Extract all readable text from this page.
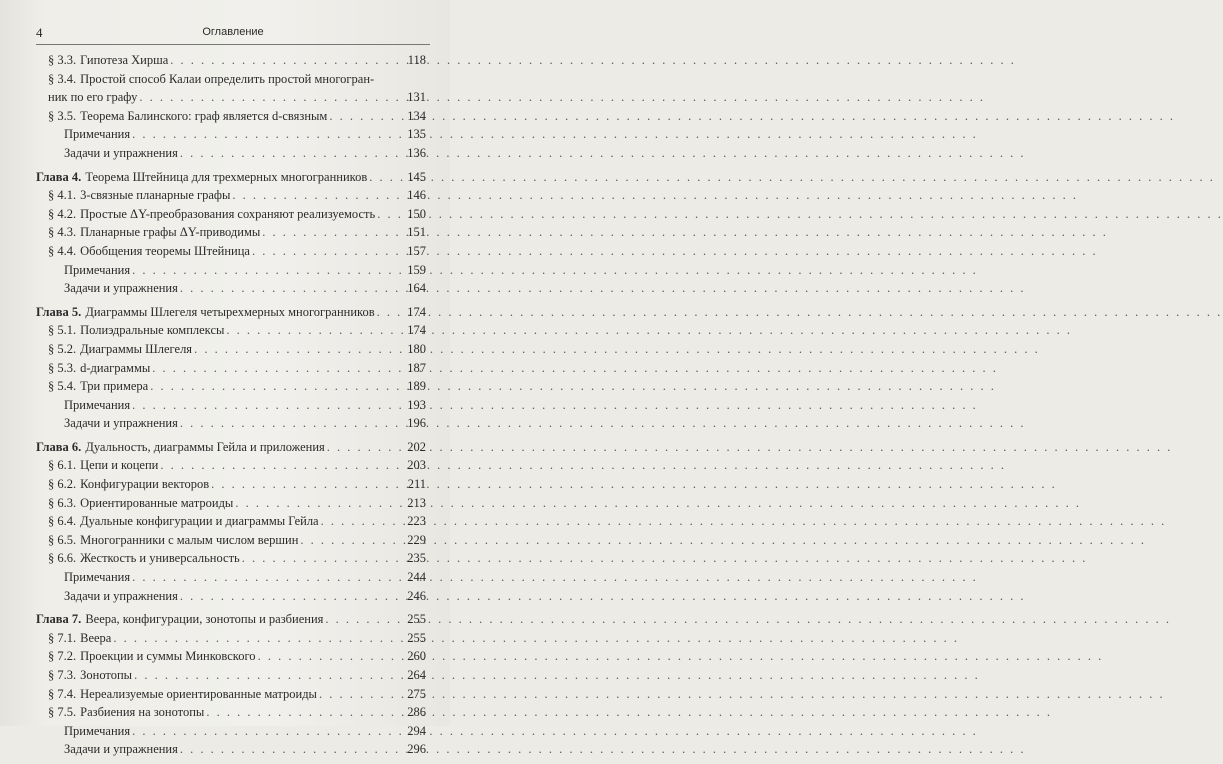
4	Оглавление
§ 3.3. Гипотеза Хирша . . .	118
§ 3.4. Простой способ Калаи определить простой многогран-
ник по его графу . . .	131
§ 3.5. Теорема Балинского: граф является d-связным . . .	134
Примечания . . .	135
Задачи и упражнения . . .	136
Глава 4. Теорема Штейница для трехмерных многогранников . . .	145
§ 4.1. 3-связные планарные графы . . .	146
§ 4.2. Простые ΔY-преобразования сохраняют реализуемость . . .	150
§ 4.3. Планарные графы ΔY-приводимы . . .	151
§ 4.4. Обобщения теоремы Штейница . . .	157
Примечания . . .	159
Задачи и упражнения . . .	164
Глава 5. Диаграммы Шлегеля четырехмерных многогранников . . .	174
§ 5.1. Полиэдральные комплексы . . .	174
§ 5.2. Диаграммы Шлегеля . . .	180
§ 5.3. d-диаграммы . . .	187
§ 5.4. Три примера . . .	189
Примечания . . .	193
Задачи и упражнения . . .	196
Глава 6. Дуальность, диаграммы Гейла и приложения . . .	202
§ 6.1. Цепи и коцепи . . .	203
§ 6.2. Конфигурации векторов . . .	211
§ 6.3. Ориентированные матроиды . . .	213
§ 6.4. Дуальные конфигурации и диаграммы Гейла . . .	223
§ 6.5. Многогранники с малым числом вершин . . .	229
§ 6.6. Жесткость и универсальность . . .	235
Примечания . . .	244
Задачи и упражнения . . .	246
Глава 7. Веера, конфигурации, зонотопы и разбиения . . .	255
§ 7.1. Веера . . .	255
§ 7.2. Проекции и суммы Минковского . . .	260
§ 7.3. Зонотопы . . .	264
§ 7.4. Нереализуемые ориентированные матроиды . . .	275
§ 7.5. Разбиения на зонотопы . . .	286
Примечания . . .	294
Задачи и упражнения . . .	296
